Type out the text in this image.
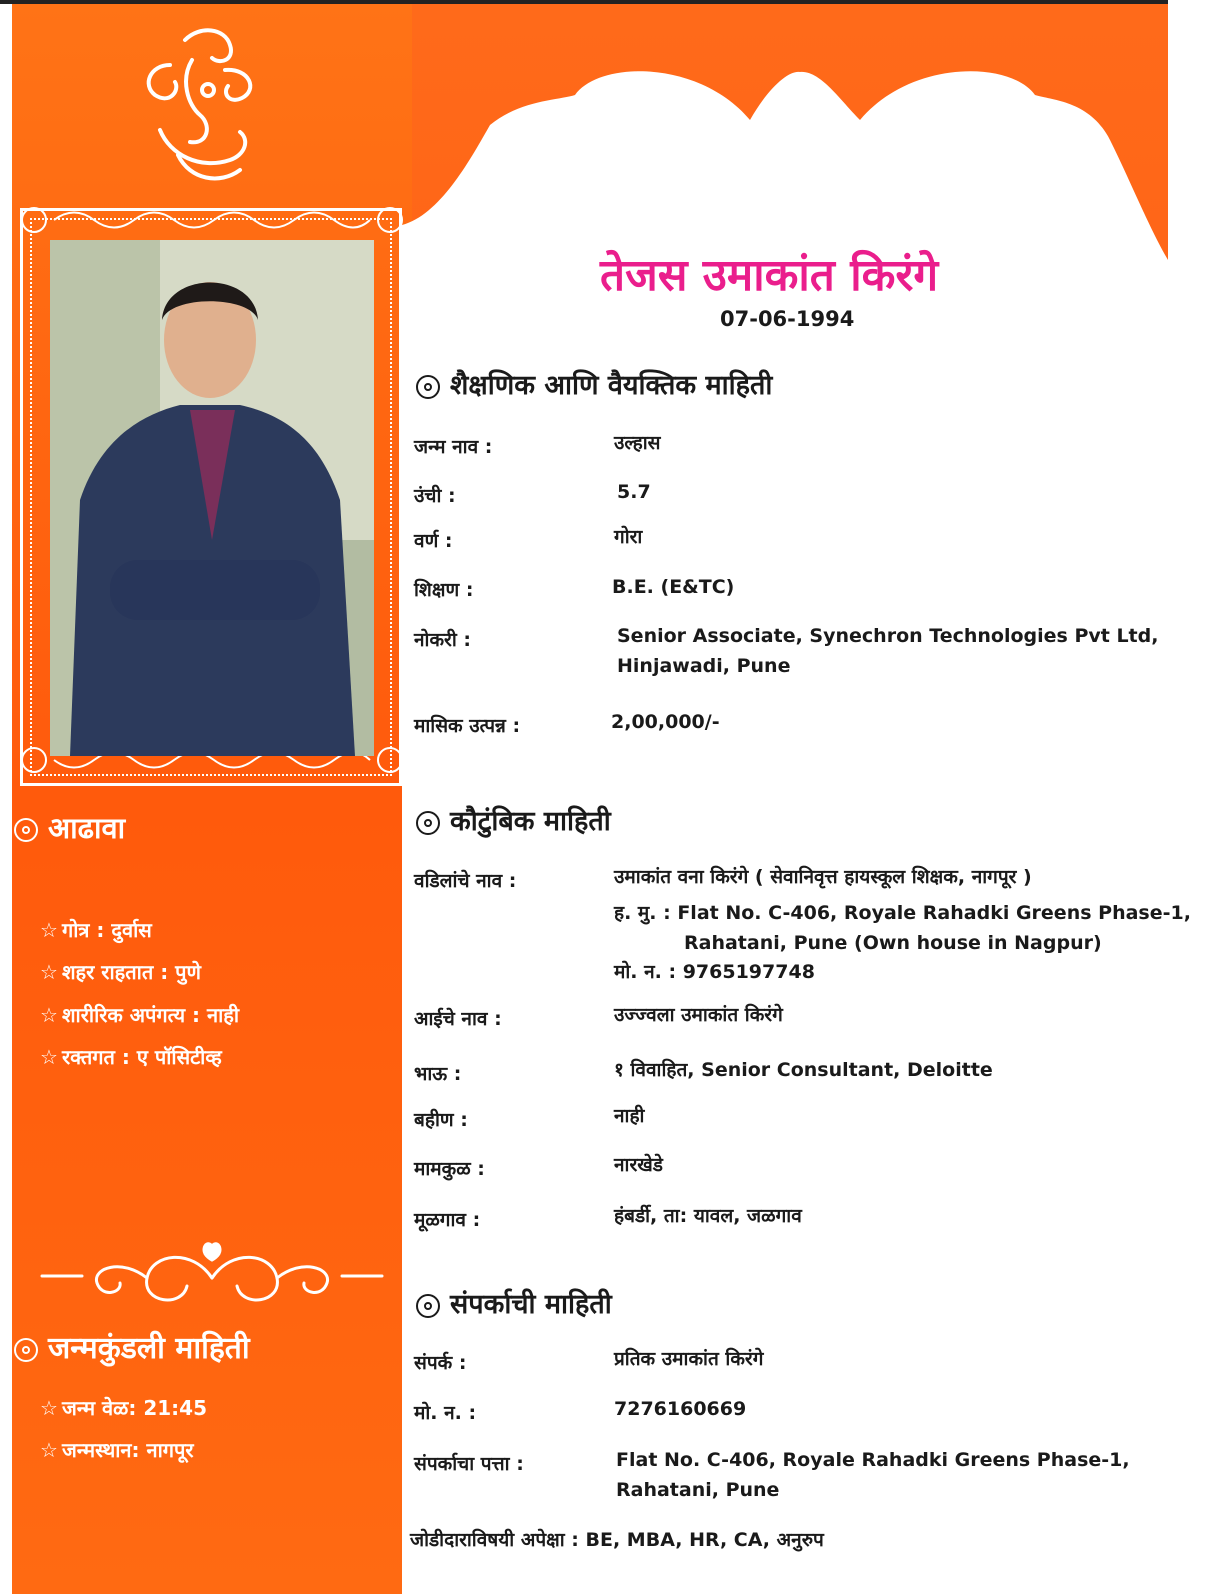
आढावा
☆ गोत्र : दुर्वास
☆ शहर राहतात : पुणे
☆ शारीरिक अपंगत्य : नाही
☆ रक्तगत : ए पॉसिटीव्ह
जन्मकुंडली माहिती
☆ जन्म वेळ: 21:45
☆ जन्मस्थान: नागपूर
तेजस उमाकांत किरंगे
07-06-1994
शैक्षणिक आणि वैयक्तिक माहिती
जन्म नाव :	उल्हास
उंची :	5.7
वर्ण :	गोरा
शिक्षण :	B.E. (E&TC)
नोकरी :	Senior Associate, Synechron Technologies Pvt Ltd,
Hinjawadi, Pune
मासिक उत्पन्न :	2,00,000/-
कौटुंबिक माहिती
वडिलांचे नाव :	उमाकांत वना किरंगे ( सेवानिवृत्त हायस्कूल शिक्षक, नागपूर )
ह. मु. : Flat No. C-406, Royale Rahadki Greens Phase-1,
Rahatani, Pune (Own house in Nagpur)
मो. न. : 9765197748
आईचे नाव :	उज्ज्वला उमाकांत किरंगे
भाऊ :	१ विवाहित, Senior Consultant, Deloitte
बहीण :	नाही
मामकुळ :	नारखेडे
मूळगाव :	हंबर्डी, ता: यावल, जळगाव
संपर्काची माहिती
संपर्क :	प्रतिक उमाकांत किरंगे
मो. न. :	7276160669
संपर्काचा पत्ता :	Flat No. C-406, Royale Rahadki Greens Phase-1,
Rahatani, Pune
जोडीदाराविषयी अपेक्षा : BE, MBA, HR, CA, अनुरुप
